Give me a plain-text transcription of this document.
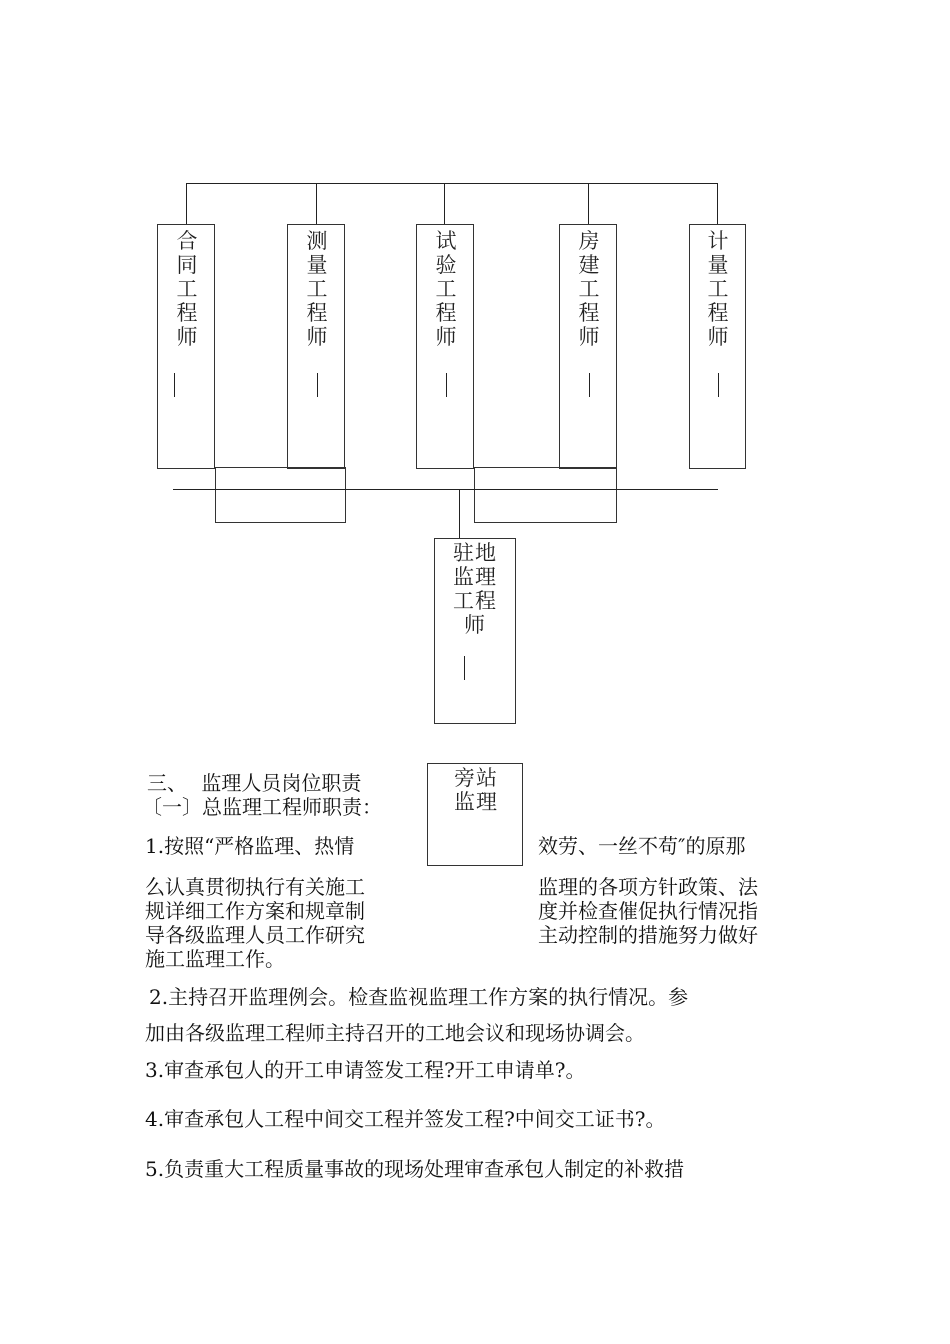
合同工程师
测量工程师
试验工程师
房建工程师
计量工程师
驻地监理工程师
旁站监理
三、 监理人员岗位职责
〔一〕总监理工程师职责：
1.按照“严格监理、热情
么认真贯彻执行有关施工
规详细工作方案和规章制
导各级监理人员工作研究
施工监理工作。
效劳、一丝不苟″的原那
监理的各项方针政策、法
度并检查催促执行情况指
主动控制的措施努力做好
2.主持召开监理例会。检查监视监理工作方案的执行情况。参
加由各级监理工程师主持召开的工地会议和现场协调会。
3.审查承包人的开工申请签发工程?开工申请单?。
4.审查承包人工程中间交工程并签发工程?中间交工证书?。
5.负责重大工程质量事故的现场处理审查承包人制定的补救措
